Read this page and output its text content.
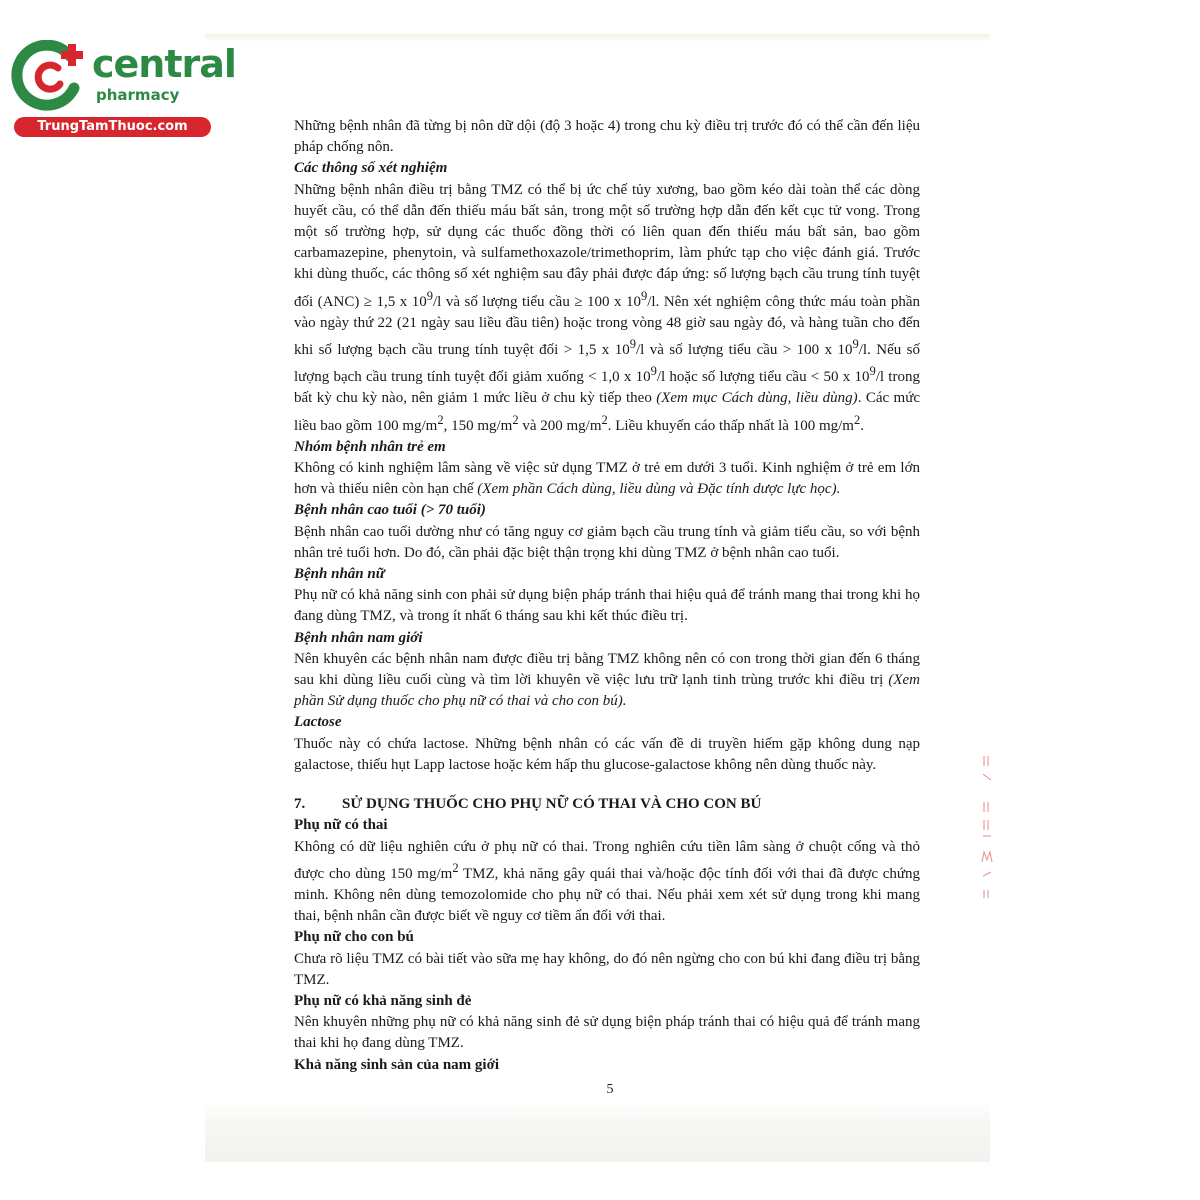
central
pharmacy
TrungTamThuoc.com	Những bệnh nhân đã từng bị nôn dữ dội (độ 3 hoặc 4) trong chu kỳ điều trị trước đó có thể cần đến liệu pháp chống nôn.

Các thông số xét nghiệm

Những bệnh nhân điều trị bằng TMZ có thể bị ức chế tủy xương, bao gồm kéo dài toàn thể các dòng huyết cầu, có thể dẫn đến thiếu máu bất sản, trong một số trường hợp dẫn đến kết cục tử vong. Trong một số trường hợp, sử dụng các thuốc đồng thời có liên quan đến thiếu máu bất sản, bao gồm carbamazepine, phenytoin, và sulfamethoxazole/trimethoprim, làm phức tạp cho việc đánh giá. Trước khi dùng thuốc, các thông số xét nghiệm sau đây phải được đáp ứng: số lượng bạch cầu trung tính tuyệt đối (ANC) ≥ 1,5 x $10^9/l$ và số lượng tiểu cầu ≥ 100 x $10^9/l$. Nên xét nghiệm công thức máu toàn phần vào ngày thứ 22 (21 ngày sau liều đầu tiên) hoặc trong vòng 48 giờ sau ngày đó, và hàng tuần cho đến khi số lượng bạch cầu trung tính tuyệt đối > 1,5 x $10^9/l$ và số lượng tiểu cầu > 100 x $10^9/l$. Nếu số lượng bạch cầu trung tính tuyệt đối giảm xuống < 1,0 x $10^9/l$ hoặc số lượng tiểu cầu < 50 x $10^9/l$ trong bất kỳ chu kỳ nào, nên giảm 1 mức liều ở chu kỳ tiếp theo (Xem mục Cách dùng, liều dùng). Các mức liều bao gồm 100 $mg/m^2$, 150 $mg/m^2$ và 200 $mg/m^2$. Liều khuyến cáo thấp nhất là 100 $mg/m^2$.

Nhóm bệnh nhân trẻ em

Không có kinh nghiệm lâm sàng về việc sử dụng TMZ ở trẻ em dưới 3 tuổi. Kinh nghiệm ở trẻ em lớn hơn và thiếu niên còn hạn chế (Xem phần Cách dùng, liều dùng và Đặc tính dược lực học).

Bệnh nhân cao tuổi (> 70 tuổi)

Bệnh nhân cao tuổi dường như có tăng nguy cơ giảm bạch cầu trung tính và giảm tiểu cầu, so với bệnh nhân trẻ tuổi hơn. Do đó, cần phải đặc biệt thận trọng khi dùng TMZ ở bệnh nhân cao tuổi.

Bệnh nhân nữ

Phụ nữ có khả năng sinh con phải sử dụng biện pháp tránh thai hiệu quả để tránh mang thai trong khi họ đang dùng TMZ, và trong ít nhất 6 tháng sau khi kết thúc điều trị.

Bệnh nhân nam giới

Nên khuyên các bệnh nhân nam được điều trị bằng TMZ không nên có con trong thời gian đến 6 tháng sau khi dùng liều cuối cùng và tìm lời khuyên về việc lưu trữ lạnh tinh trùng trước khi điều trị (Xem phần Sử dụng thuốc cho phụ nữ có thai và cho con bú).

Lactose

Thuốc này có chứa lactose. Những bệnh nhân có các vấn đề di truyền hiếm gặp không dung nạp galactose, thiếu hụt Lapp lactose hoặc kém hấp thu glucose-galactose không nên dùng thuốc này.

7. SỬ DỤNG THUỐC CHO PHỤ NỮ CÓ THAI VÀ CHO CON BÚ

Phụ nữ có thai

Không có dữ liệu nghiên cứu ở phụ nữ có thai. Trong nghiên cứu tiền lâm sàng ở chuột cống và thỏ được cho dùng 150 $mg/m^2$ TMZ, khả năng gây quái thai và/hoặc độc tính đối với thai đã được chứng minh. Không nên dùng temozolomide cho phụ nữ có thai. Nếu phải xem xét sử dụng trong khi mang thai, bệnh nhân cần được biết về nguy cơ tiềm ẩn đối với thai.

Phụ nữ cho con bú

Chưa rõ liệu TMZ có bài tiết vào sữa mẹ hay không, do đó nên ngừng cho con bú khi đang điều trị bằng TMZ.

Phụ nữ có khả năng sinh đẻ

Nên khuyên những phụ nữ có khả năng sinh đẻ sử dụng biện pháp tránh thai có hiệu quả để tránh mang thai khi họ đang dùng TMZ.

Khả năng sinh sản của nam giới

5
